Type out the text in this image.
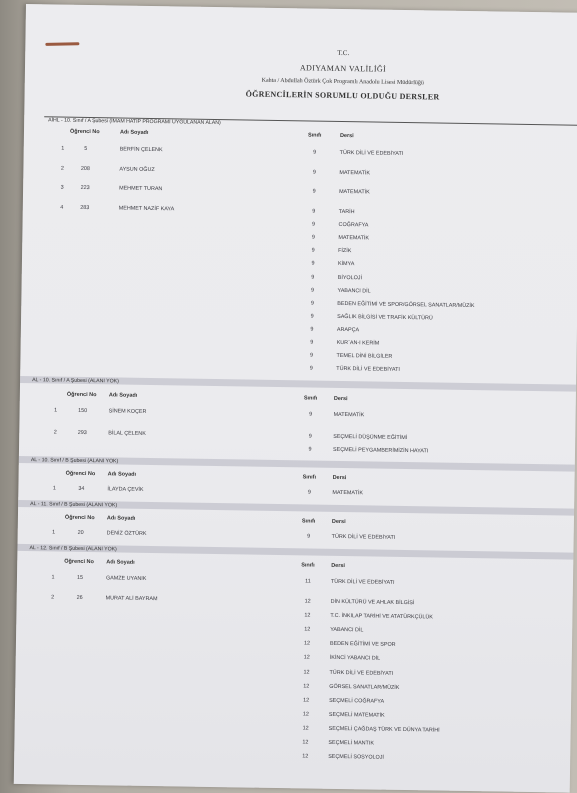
T.C.
ADIYAMAN VALİLİĞİ
Kahta / Abdullah Öztürk Çok Programlı Anadolu Lisesi Müdürlüğü
ÖĞRENCİLERİN SORUMLU OLDUĞU DERSLER
AİHL - 10. Sınıf / A Şubesi (İMAM HATİP PROGRAMI UYGULANAN ALAN)
Öğrenci No	Adı Soyadı	Sınıfı	Dersi
1	5	BERFİN ÇELENK	9	TÜRK DİLİ VE EDEBİYATI
2	208	AYSUN OĞUZ	9	MATEMATİK
3	223	MEHMET TURAN	9	MATEMATİK
4	283	MEHMET NAZİF KAYA	9	TARİH
9	COĞRAFYA
9	MATEMATİK
9	FİZİK
9	KİMYA
9	BİYOLOJİ
9	YABANCI DİL
9	BEDEN EĞİTİMİ VE SPOR/GÖRSEL SANATLAR/MÜZİK
9	SAĞLIK BİLGİSİ VE TRAFİK KÜLTÜRÜ
9	ARAPÇA
9	KUR`AN-I KERİM
9	TEMEL DİNİ BİLGİLER
9	TÜRK DİLİ VE EDEBİYATI
AL - 10. Sınıf / A Şubesi (ALANI YOK)
Öğrenci No Adı Soyadı	Sınıfı	Dersi
1	150	SİNEM KOÇER	9	MATEMATİK
2	293	BİLAL ÇELENK	9	SEÇMELİ DÜŞÜNME EĞİTİMİ
9	SEÇMELİ PEYGAMBERİMİZİN HAYATI
AL - 10. Sınıf / B Şubesi (ALANI YOK)
Öğrenci No Adı Soyadı	Sınıfı	Dersi
1	34	İLAYDA ÇEVİK	9	MATEMATİK
AL - 11. Sınıf / B Şubesi (ALANI YOK)
Öğrenci No Adı Soyadı	Sınıfı	Dersi
1	20	DENİZ ÖZTÜRK	9	TÜRK DİLİ VE EDEBİYATI
AL - 12. Sınıf / B Şubesi (ALANI YOK)
Öğrenci No Adı Soyadı	Sınıfı	Dersi
1	15	GAMZE UYANIK	11	TÜRK DİLİ VE EDEBİYATI
2	26	MURAT ALİ BAYRAM	12	DİN KÜLTÜRÜ VE AHLAK BİLGİSİ
12	T.C. İNKILAP TARİHİ VE ATATÜRKÇÜLÜK
12	YABANCI DİL
12	BEDEN EĞİTİMİ VE SPOR
12	İKİNCİ YABANCI DİL
12	TÜRK DİLİ VE EDEBİYATI
12	GÖRSEL SANATLAR/MÜZİK
12	SEÇMELİ COĞRAFYA
12	SEÇMELİ MATEMATİK
12	SEÇMELİ ÇAĞDAŞ TÜRK VE DÜNYA TARİHİ
12	SEÇMELİ MANTIK
12	SEÇMELİ SOSYOLOJİ
